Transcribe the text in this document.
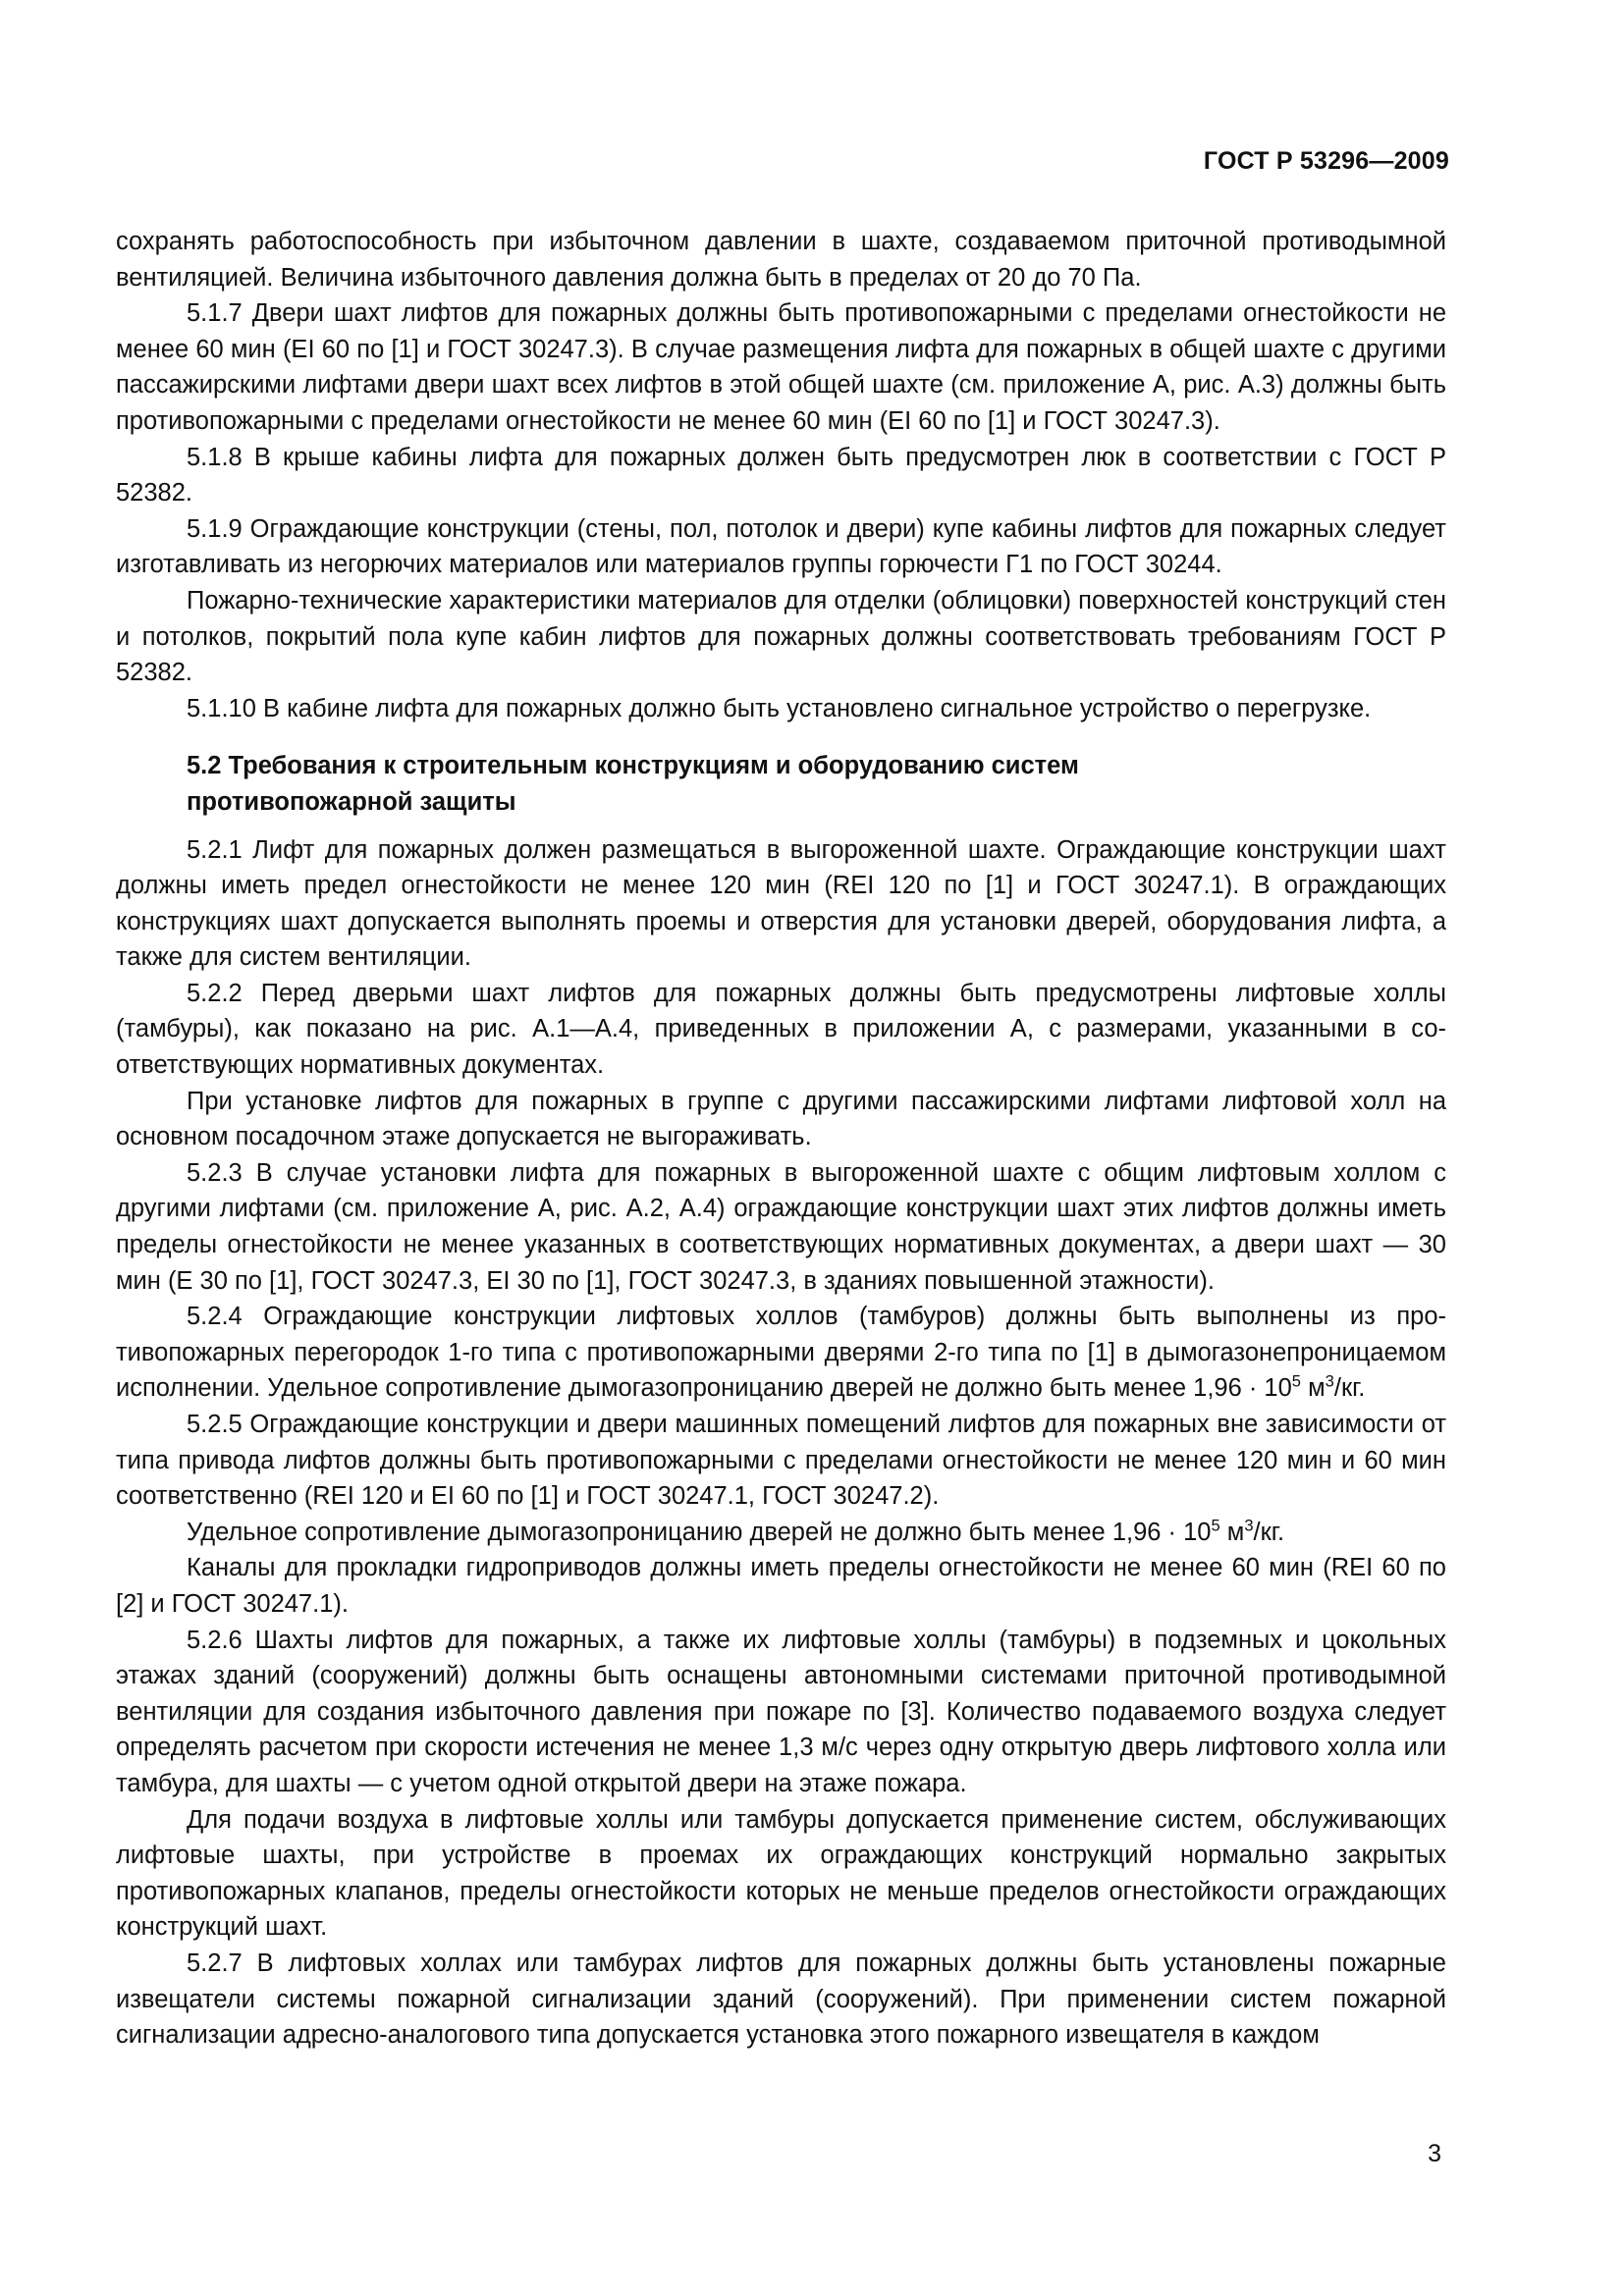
ГОСТ Р 53296—2009

сохранять работоспособность при избыточном давлении в шахте, создаваемом приточной противодымной вентиляцией. Величина избыточного давления должна быть в пределах от 20 до 70 Па.

5.1.7 Двери шахт лифтов для пожарных должны быть противопожарными с пределами огнестойкости не менее 60 мин (EI 60 по [1] и ГОСТ 30247.3). В случае размещения лифта для пожарных в общей шахте с другими пассажирскими лифтами двери шахт всех лифтов в этой общей шахте (см. приложение А, рис. А.3) должны быть противопожарными с пределами огнестойкости не менее 60 мин (EI 60 по [1] и ГОСТ 30247.3).

5.1.8 В крыше кабины лифта для пожарных должен быть предусмотрен люк в соответствии с ГОСТ Р 52382.

5.1.9 Ограждающие конструкции (стены, пол, потолок и двери) купе кабины лифтов для пожарных следует изготавливать из негорючих материалов или материалов группы горючести Г1 по ГОСТ 30244.

Пожарно-технические характеристики материалов для отделки (облицовки) поверхностей конструкций стен и потолков, покрытий пола купе кабин лифтов для пожарных должны соответствовать требованиям ГОСТ Р 52382.

5.1.10 В кабине лифта для пожарных должно быть установлено сигнальное устройство о перегрузке.

5.2 Требования к строительным конструкциям и оборудованию систем противопожарной защиты

5.2.1 Лифт для пожарных должен размещаться в выгороженной шахте. Ограждающие конструкции шахт должны иметь предел огнестойкости не менее 120 мин (REI 120 по [1] и ГОСТ 30247.1). В ограждающих конструкциях шахт допускается выполнять проемы и отверстия для установки дверей, оборудования лифта, а также для систем вентиляции.

5.2.2 Перед дверьми шахт лифтов для пожарных должны быть предусмотрены лифтовые холлы (тамбуры), как показано на рис. А.1—А.4, приведенных в приложении А, с размерами, указанными в соответствующих нормативных документах.

При установке лифтов для пожарных в группе с другими пассажирскими лифтами лифтовой холл на основном посадочном этаже допускается не выгораживать.

5.2.3 В случае установки лифта для пожарных в выгороженной шахте с общим лифтовым холлом с другими лифтами (см. приложение А, рис. А.2, А.4) ограждающие конструкции шахт этих лифтов должны иметь пределы огнестойкости не менее указанных в соответствующих нормативных документах, а двери шахт — 30 мин (Е 30 по [1], ГОСТ 30247.3, EI 30 по [1], ГОСТ 30247.3, в зданиях повышенной этажности).

5.2.4 Ограждающие конструкции лифтовых холлов (тамбуров) должны быть выполнены из противопожарных перегородок 1-го типа с противопожарными дверями 2-го типа по [1] в дымогазонепроницаемом исполнении. Удельное сопротивление дымогазопроницанию дверей не должно быть менее $1,96 \cdot 10^5$ $м^3/кг$.

5.2.5 Ограждающие конструкции и двери машинных помещений лифтов для пожарных вне зависимости от типа привода лифтов должны быть противопожарными с пределами огнестойкости не менее 120 мин и 60 мин соответственно (REI 120 и EI 60 по [1] и ГОСТ 30247.1, ГОСТ 30247.2).

Удельное сопротивление дымогазопроницанию дверей не должно быть менее $1,96 \cdot 10^5$ $м^3/кг$.

Каналы для прокладки гидроприводов должны иметь пределы огнестойкости не менее 60 мин (REI 60 по [2] и ГОСТ 30247.1).

5.2.6 Шахты лифтов для пожарных, а также их лифтовые холлы (тамбуры) в подземных и цокольных этажах зданий (сооружений) должны быть оснащены автономными системами приточной противодымной вентиляции для создания избыточного давления при пожаре по [3]. Количество подаваемого воздуха следует определять расчетом при скорости истечения не менее 1,3 м/с через одну открытую дверь лифтового холла или тамбура, для шахты — с учетом одной открытой двери на этаже пожара.

Для подачи воздуха в лифтовые холлы или тамбуры допускается применение систем, обслуживающих лифтовые шахты, при устройстве в проемах их ограждающих конструкций нормально закрытых противопожарных клапанов, пределы огнестойкости которых не меньше пределов огнестойкости ограждающих конструкций шахт.

5.2.7 В лифтовых холлах или тамбурах лифтов для пожарных должны быть установлены пожарные извещатели системы пожарной сигнализации зданий (сооружений). При применении систем пожарной сигнализации адресно-аналогового типа допускается установка этого пожарного извещателя в каждом

3
